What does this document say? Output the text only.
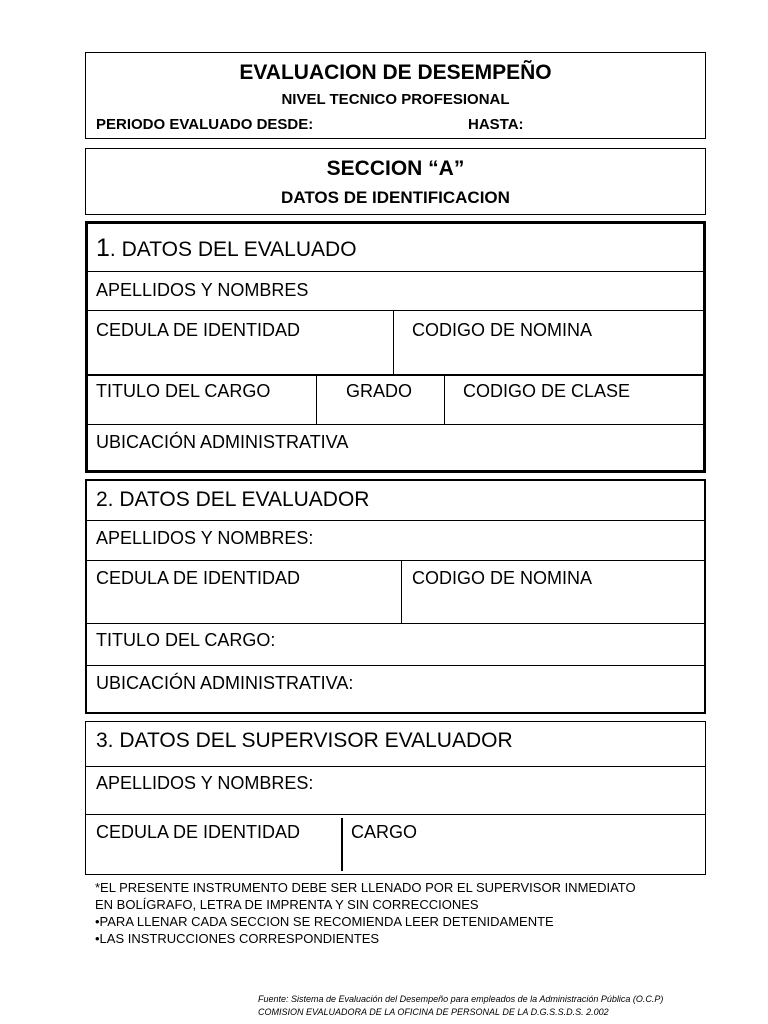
EVALUACION DE DESEMPEÑO
NIVEL TECNICO PROFESIONAL
PERIODO EVALUADO DESDE:	HASTA:
SECCION “A”
DATOS DE IDENTIFICACION
1. DATOS DEL EVALUADO
APELLIDOS Y NOMBRES
CEDULA DE IDENTIDAD	CODIGO DE NOMINA
TITULO DEL CARGO	GRADO	CODIGO DE CLASE
UBICACIÓN ADMINISTRATIVA
2. DATOS DEL EVALUADOR
APELLIDOS Y NOMBRES:
CEDULA DE IDENTIDAD	CODIGO DE NOMINA
TITULO DEL CARGO:
UBICACIÓN ADMINISTRATIVA:
3. DATOS DEL SUPERVISOR EVALUADOR
APELLIDOS Y NOMBRES:
CEDULA DE IDENTIDAD	CARGO
*EL PRESENTE INSTRUMENTO DEBE SER LLENADO POR EL SUPERVISOR INMEDIATO
EN BOLÍGRAFO, LETRA DE IMPRENTA Y SIN CORRECCIONES
•PARA LLENAR CADA SECCION SE RECOMIENDA LEER DETENIDAMENTE
•LAS INSTRUCCIONES CORRESPONDIENTES
Fuente: Sistema de Evaluación del Desempeño para empleados de la Administración Pública (O.C.P)
COMISION EVALUADORA DE LA OFICINA DE PERSONAL DE LA D.G.S.S.D.S. 2.002
